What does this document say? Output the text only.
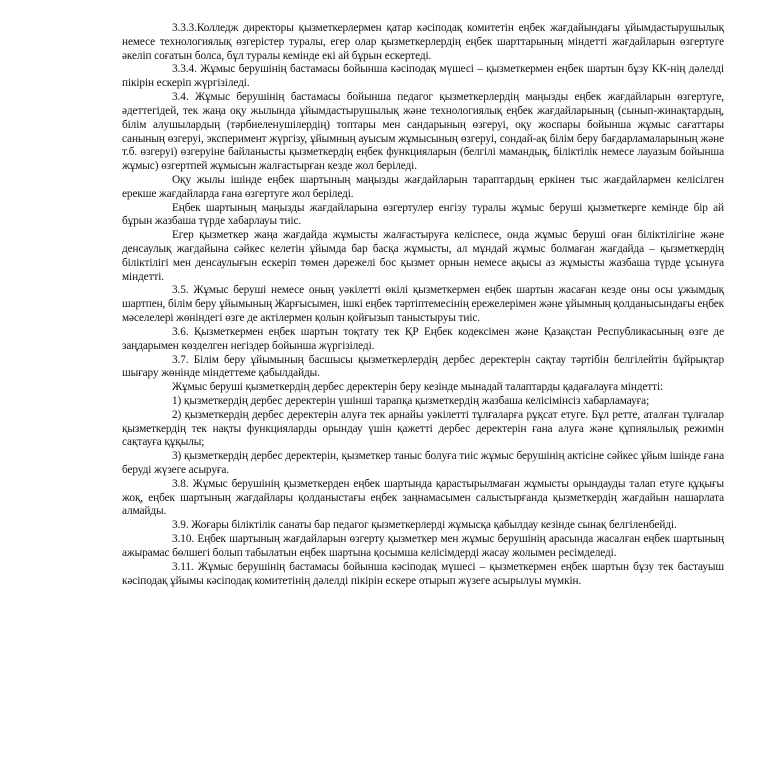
3.3.3.Колледж директоры қызметкерлермен қатар кәсіподақ комитетін еңбек жағдайындағы ұйымдастырушылық немесе технологиялық өзгерістер туралы, егер олар қызметкерлердің еңбек шарттарының міндетті жағдайларын өзгертуге әкеліп соғатын болса, бұл туралы кемінде екі ай бұрын ескертеді.

3.3.4. Жұмыс берушінің бастамасы бойынша кәсіподақ мүшесі – қызметкермен еңбек шартын бұзу КК-нің дәлелді пікірін ескеріп жүргізіледі.

3.4. Жұмыс берушінің бастамасы бойынша педагог қызметкерлердің маңызды еңбек жағдайларын өзгертуге, әдеттегідей, тек жаңа оқу жылында ұйымдастырушылық және технологиялық еңбек жағдайларының (сынып-жинақтардың, білім алушылардың (тәрбиеленушілердің) топтары мен сандарының өзгеруі, оқу жоспары бойынша жұмыс сағаттары санының өзгеруі, эксперимент жүргізу, ұйымның ауысым жұмысының өзгеруі, сондай-ақ білім беру бағдарламаларының және т.б. өзгеруі) өзгеруіне байланысты қызметкердің еңбек функцияларын (белгілі мамандық, біліктілік немесе лауазым бойынша жұмыс) өзгертпей жұмысын жалғастырған кезде жол беріледі.

Оқу жылы ішінде еңбек шартының маңызды жағдайларын тараптардың еркінен тыс жағдайлармен келісілген ерекше жағдайларда ғана өзгертуге жол беріледі.

Еңбек шартының маңызды жағдайларына өзгертулер енгізу туралы жұмыс беруші қызметкерге кемінде бір ай бұрын жазбаша түрде хабарлауы тиіс.

Егер қызметкер жаңа жағдайда жұмысты жалғастыруға келіспесе, онда жұмыс беруші оған біліктілігіне және денсаулық жағдайына сәйкес келетін ұйымда бар басқа жұмысты, ал мұндай жұмыс болмаған жағдайда – қызметкердің біліктілігі мен денсаулығын ескеріп төмен дәрежелі бос қызмет орнын немесе ақысы аз жұмысты жазбаша түрде ұсынуға міндетті.

3.5. Жұмыс беруші немесе оның уәкілетті өкілі қызметкермен еңбек шартын жасаған кезде оны осы ұжымдық шартпен, білім беру ұйымының Жарғысымен, ішкі еңбек тәртіптемесінің ережелерімен және ұйымның қолданысындағы еңбек мәселелері жөніндегі өзге де актілермен қолын қойғызып таныстыруы тиіс.

3.6. Қызметкермен еңбек шартын тоқтату тек ҚР Еңбек кодексімен және Қазақстан Республикасының өзге де заңдарымен көзделген негіздер бойынша жүргізіледі.

3.7. Білім беру ұйымының басшысы қызметкерлердің дербес деректерін сақтау тәртібін белгілейтін бұйрықтар шығару жөнінде міндеттеме қабылдайды.

Жұмыс беруші қызметкердің дербес деректерін беру кезінде мынадай талаптарды қадағалауға міндетті:

1) қызметкердің дербес деректерін үшінші тарапқа қызметкердің жазбаша келісімінсіз хабарламауға;

2) қызметкердің дербес деректерін алуға тек арнайы уәкілетті тұлғаларға рұқсат етуге. Бұл ретте, аталған тұлғалар қызметкердің тек нақты функцияларды орындау үшін қажетті дербес деректерін ғана алуға және құпиялылық режимін сақтауға құқылы;

3) қызметкердің дербес деректерін, қызметкер таныс болуға тиіс жұмыс берушінің актісіне сәйкес ұйым ішінде ғана беруді жүзеге асыруға.

3.8. Жұмыс берушінің қызметкерден еңбек шартында қарастырылмаған жұмысты орындауды талап етуге құқығы жоқ, еңбек шартының жағдайлары қолданыстағы еңбек заңнамасымен салыстырғанда қызметкердің жағдайын нашарлата алмайды.

3.9. Жоғары біліктілік санаты бар педагог қызметкерлерді жұмысқа қабылдау кезінде сынақ белгіленбейді.

3.10. Еңбек шартының жағдайларын өзгерту қызметкер мен жұмыс берушінің арасында жасалған еңбек шартының ажырамас бөлшегі болып табылатын еңбек шартына қосымша келісімдерді жасау жолымен ресімделеді.

3.11. Жұмыс берушінің бастамасы бойынша кәсіподақ мүшесі – қызметкермен еңбек шартын бұзу тек бастауыш кәсіподақ ұйымы кәсіподақ комитетінің дәлелді пікірін ескере отырып жүзеге асырылуы мүмкін.
